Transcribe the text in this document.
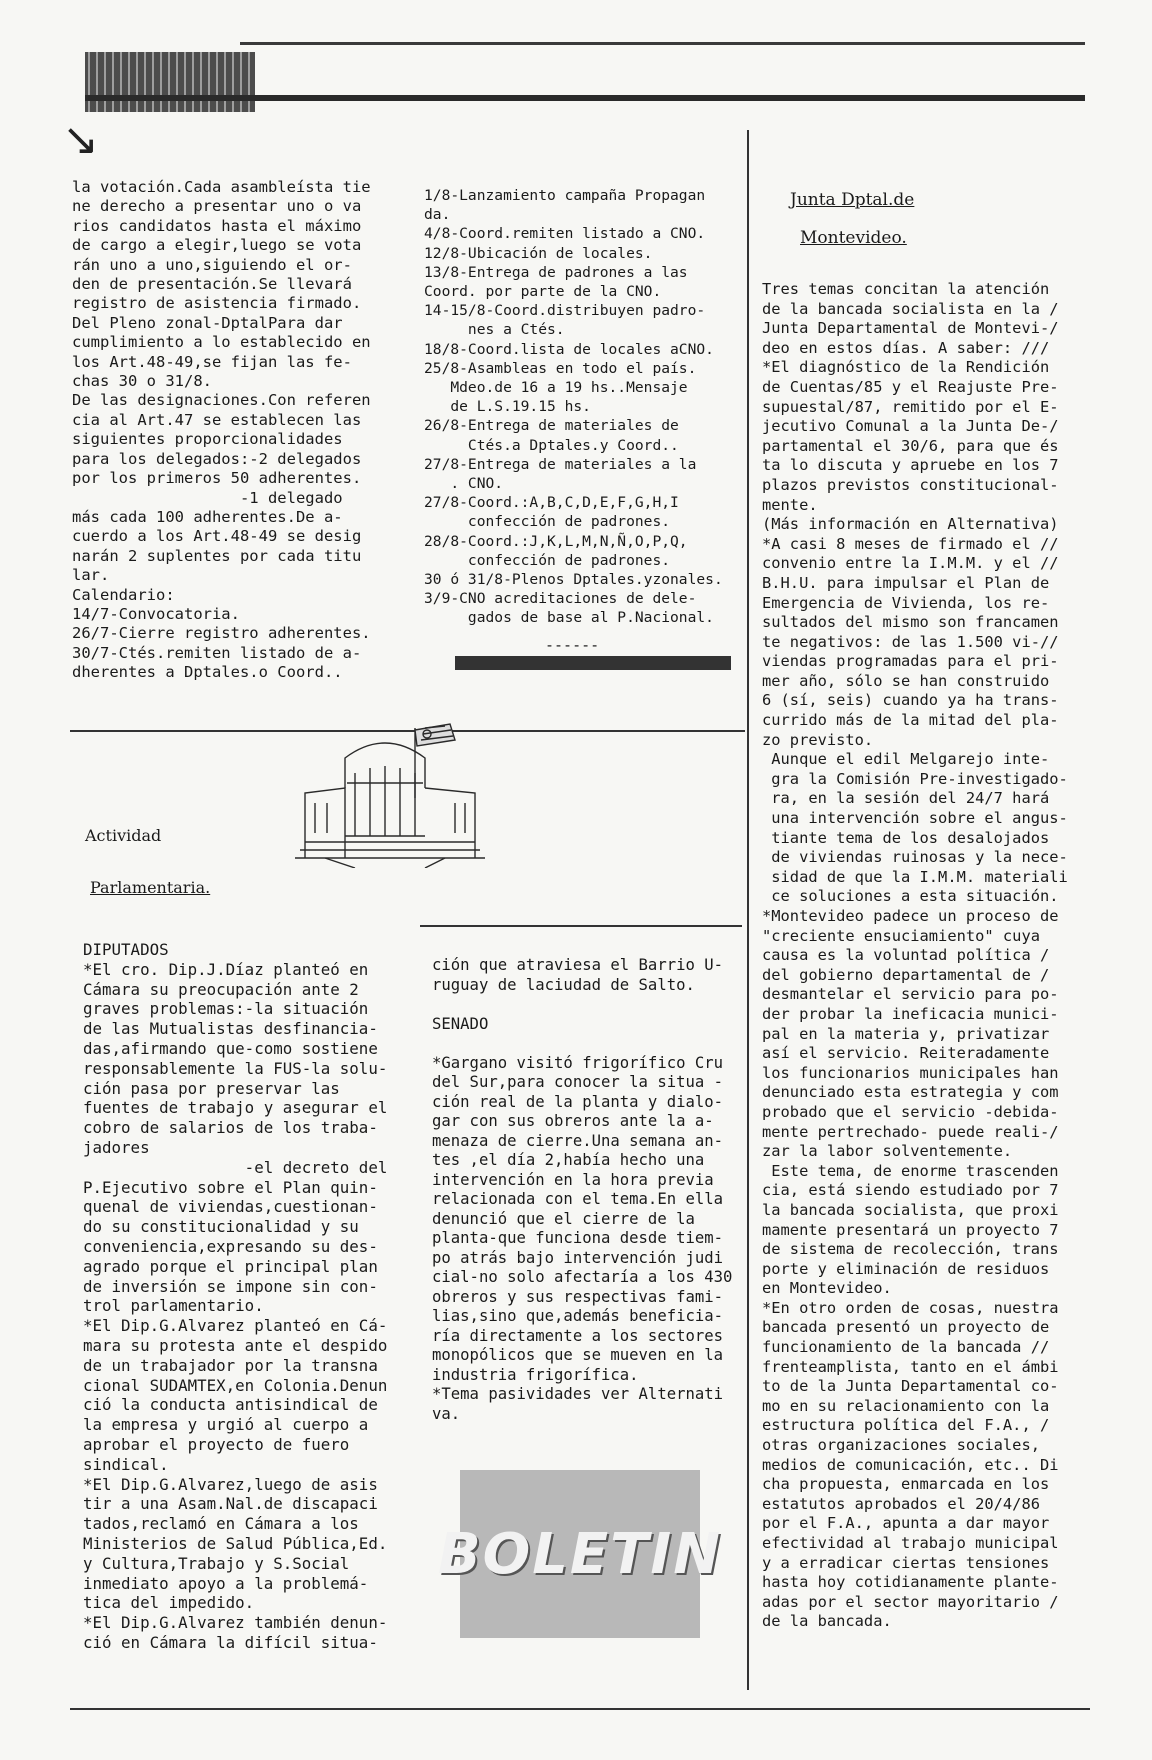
↘
la votación.Cada asambleísta tie
ne derecho a presentar uno o va
rios candidatos hasta el máximo
de cargo a elegir,luego se vota
rán uno a uno,siguiendo el or-
den de presentación.Se llevará
registro de asistencia firmado.
Del Pleno zonal-DptalPara dar
cumplimiento a lo establecido en
los Art.48-49,se fijan las fe-
chas 30 o 31/8.
De las designaciones.Con referen
cia al Art.47 se establecen las
siguientes proporcionalidades
para los delegados:-2 delegados
por los primeros 50 adherentes.
-1 delegado
más cada 100 adherentes.De a-
cuerdo a los Art.48-49 se desig
narán 2 suplentes por cada titu
lar.
Calendario:
14/7-Convocatoria.
26/7-Cierre registro adherentes.
30/7-Ctés.remiten listado de a-
dherentes a Dptales.o Coord..
1/8-Lanzamiento campaña Propagan
da.
4/8-Coord.remiten listado a CNO.
12/8-Ubicación de locales.
13/8-Entrega de padrones a las
Coord. por parte de la CNO.
14-15/8-Coord.distribuyen padro-
nes a Ctés.
18/8-Coord.lista de locales aCNO.
25/8-Asambleas en todo el país.
Mdeo.de 16 a 19 hs..Mensaje
de L.S.19.15 hs.
26/8-Entrega de materiales de
Ctés.a Dptales.y Coord..
27/8-Entrega de materiales a la
. CNO.
27/8-Coord.:A,B,C,D,E,F,G,H,I
confección de padrones.
28/8-Coord.:J,K,L,M,N,Ñ,O,P,Q,
confección de padrones.
30 ó 31/8-Plenos Dptales.yzonales.
3/9-CNO acreditaciones de dele-
gados de base al P.Nacional.
------
Actividad
Parlamentaria.
DIPUTADOS
*El cro. Dip.J.Díaz planteó en
Cámara su preocupación ante 2
graves problemas:-la situación
de las Mutualistas desfinancia-
das,afirmando que-como sostiene
responsablemente la FUS-la solu-
ción pasa por preservar las
fuentes de trabajo y asegurar el
cobro de salarios de los traba-
jadores
-el decreto del
P.Ejecutivo sobre el Plan quin-
quenal de viviendas,cuestionan-
do su constitucionalidad y su
conveniencia,expresando su des-
agrado porque el principal plan
de inversión se impone sin con-
trol parlamentario.
*El Dip.G.Alvarez planteó en Cá-
mara su protesta ante el despido
de un trabajador por la transna
cional SUDAMTEX,en Colonia.Denun
ció la conducta antisindical de
la empresa y urgió al cuerpo a
aprobar el proyecto de fuero
sindical.
*El Dip.G.Alvarez,luego de asis
tir a una Asam.Nal.de discapaci
tados,reclamó en Cámara a los
Ministerios de Salud Pública,Ed.
y Cultura,Trabajo y S.Social
inmediato apoyo a la problemá-
tica del impedido.
*El Dip.G.Alvarez también denun-
ció en Cámara la difícil situa-
ción que atraviesa el Barrio U-
ruguay de laciudad de Salto.

SENADO

*Gargano visitó frigorífico Cru
del Sur,para conocer la situa -
ción real de la planta y dialo-
gar con sus obreros ante la a-
menaza de cierre.Una semana an-
tes ,el día 2,había hecho una
intervención en la hora previa
relacionada con el tema.En ella
denunció que el cierre de la
planta-que funciona desde tiem-
po atrás bajo intervención judi
cial-no solo afectaría a los 430
obreros y sus respectivas fami-
lias,sino que,además beneficia-
ría directamente a los sectores
monopólicos que se mueven en la
industria frigorífica.
*Tema pasividades ver Alternati
va.
BOLETIN
Junta Dptal.de
Montevideo.
Tres temas concitan la atención
de la bancada socialista en la /
Junta Departamental de Montevi-/
deo en estos días. A saber: ///
*El diagnóstico de la Rendición
de Cuentas/85 y el Reajuste Pre-
supuestal/87, remitido por el E-
jecutivo Comunal a la Junta De-/
partamental el 30/6, para que és
ta lo discuta y apruebe en los 7
plazos previstos constitucional-
mente.
(Más información en Alternativa)
*A casi 8 meses de firmado el //
convenio entre la I.M.M. y el //
B.H.U. para impulsar el Plan de
Emergencia de Vivienda, los re-
sultados del mismo son francamen
te negativos: de las 1.500 vi-//
viendas programadas para el pri-
mer año, sólo se han construido
6 (sí, seis) cuando ya ha trans-
currido más de la mitad del pla-
zo previsto.
Aunque el edil Melgarejo inte-
gra la Comisión Pre-investigado-
ra, en la sesión del 24/7 hará
una intervención sobre el angus-
tiante tema de los desalojados
de viviendas ruinosas y la nece-
sidad de que la I.M.M. materiali
ce soluciones a esta situación.
*Montevideo padece un proceso de
"creciente ensuciamiento" cuya
causa es la voluntad política /
del gobierno departamental de /
desmantelar el servicio para po-
der probar la ineficacia munici-
pal en la materia y, privatizar
así el servicio. Reiteradamente
los funcionarios municipales han
denunciado esta estrategia y com
probado que el servicio -debida-
mente pertrechado- puede reali-/
zar la labor solventemente.
Este tema, de enorme trascenden
cia, está siendo estudiado por 7
la bancada socialista, que proxi
mamente presentará un proyecto 7
de sistema de recolección, trans
porte y eliminación de residuos
en Montevideo.
*En otro orden de cosas, nuestra
bancada presentó un proyecto de
funcionamiento de la bancada //
frenteamplista, tanto en el ámbi
to de la Junta Departamental co-
mo en su relacionamiento con la
estructura política del F.A., /
otras organizaciones sociales,
medios de comunicación, etc.. Di
cha propuesta, enmarcada en los
estatutos aprobados el 20/4/86
por el F.A., apunta a dar mayor
efectividad al trabajo municipal
y a erradicar ciertas tensiones
hasta hoy cotidianamente plante-
adas por el sector mayoritario /
de la bancada.
